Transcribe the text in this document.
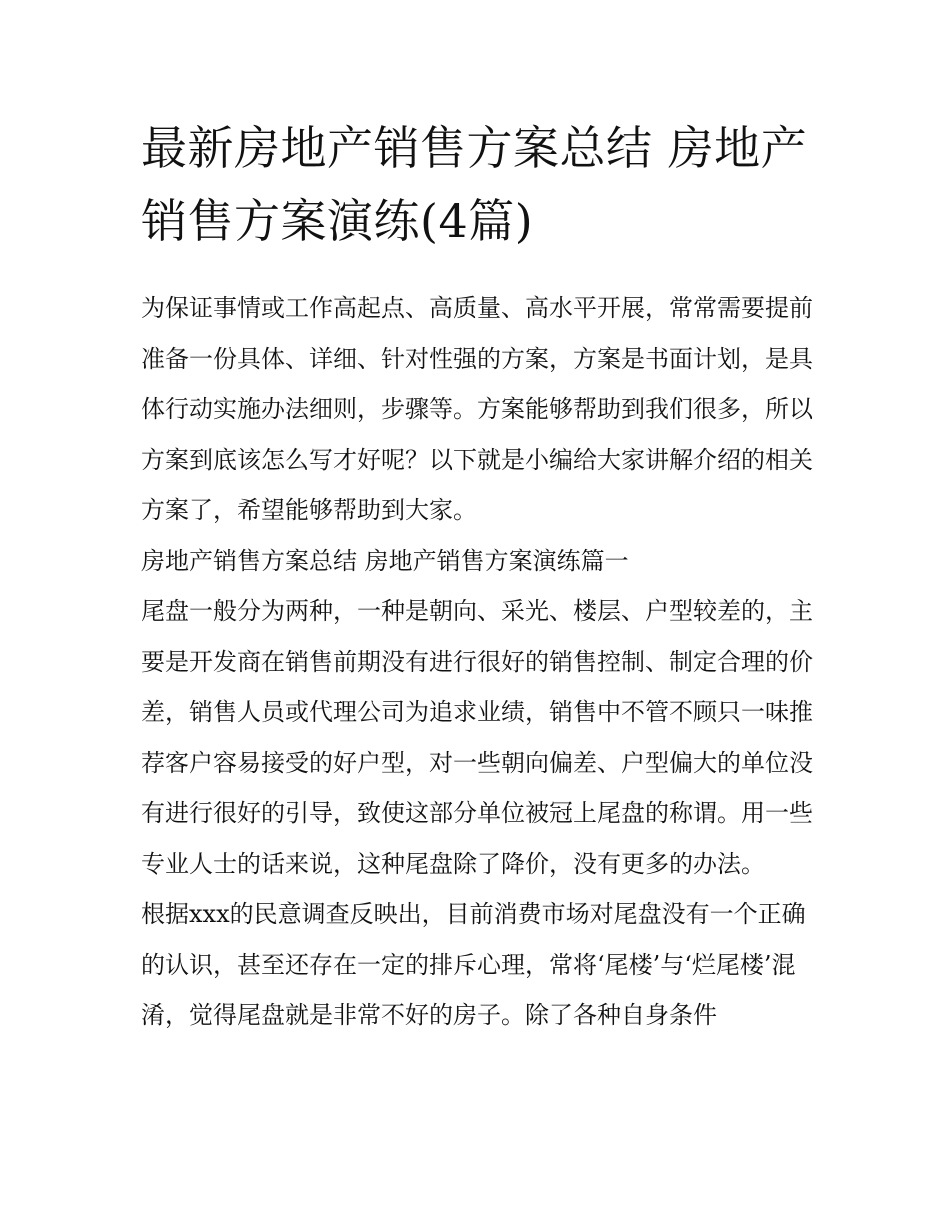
最新房地产销售方案总结 房地产销售方案演练(4篇)

为保证事情或工作高起点、高质量、高水平开展，常常需要提前准备一份具体、详细、针对性强的方案，方案是书面计划，是具体行动实施办法细则，步骤等。方案能够帮助到我们很多，所以方案到底该怎么写才好呢？以下就是小编给大家讲解介绍的相关方案了，希望能够帮助到大家。

房地产销售方案总结 房地产销售方案演练篇一

尾盘一般分为两种，一种是朝向、采光、楼层、户型较差的，主要是开发商在销售前期没有进行很好的销售控制、制定合理的价差，销售人员或代理公司为追求业绩，销售中不管不顾只一味推荐客户容易接受的好户型，对一些朝向偏差、户型偏大的单位没有进行很好的引导，致使这部分单位被冠上尾盘的称谓。用一些专业人士的话来说，这种尾盘除了降价，没有更多的办法。

根据xxx的民意调查反映出，目前消费市场对尾盘没有一个正确的认识，甚至还存在一定的排斥心理，常将‘尾楼’与‘烂尾楼’混淆，觉得尾盘就是非常不好的房子。除了各种自身条件
